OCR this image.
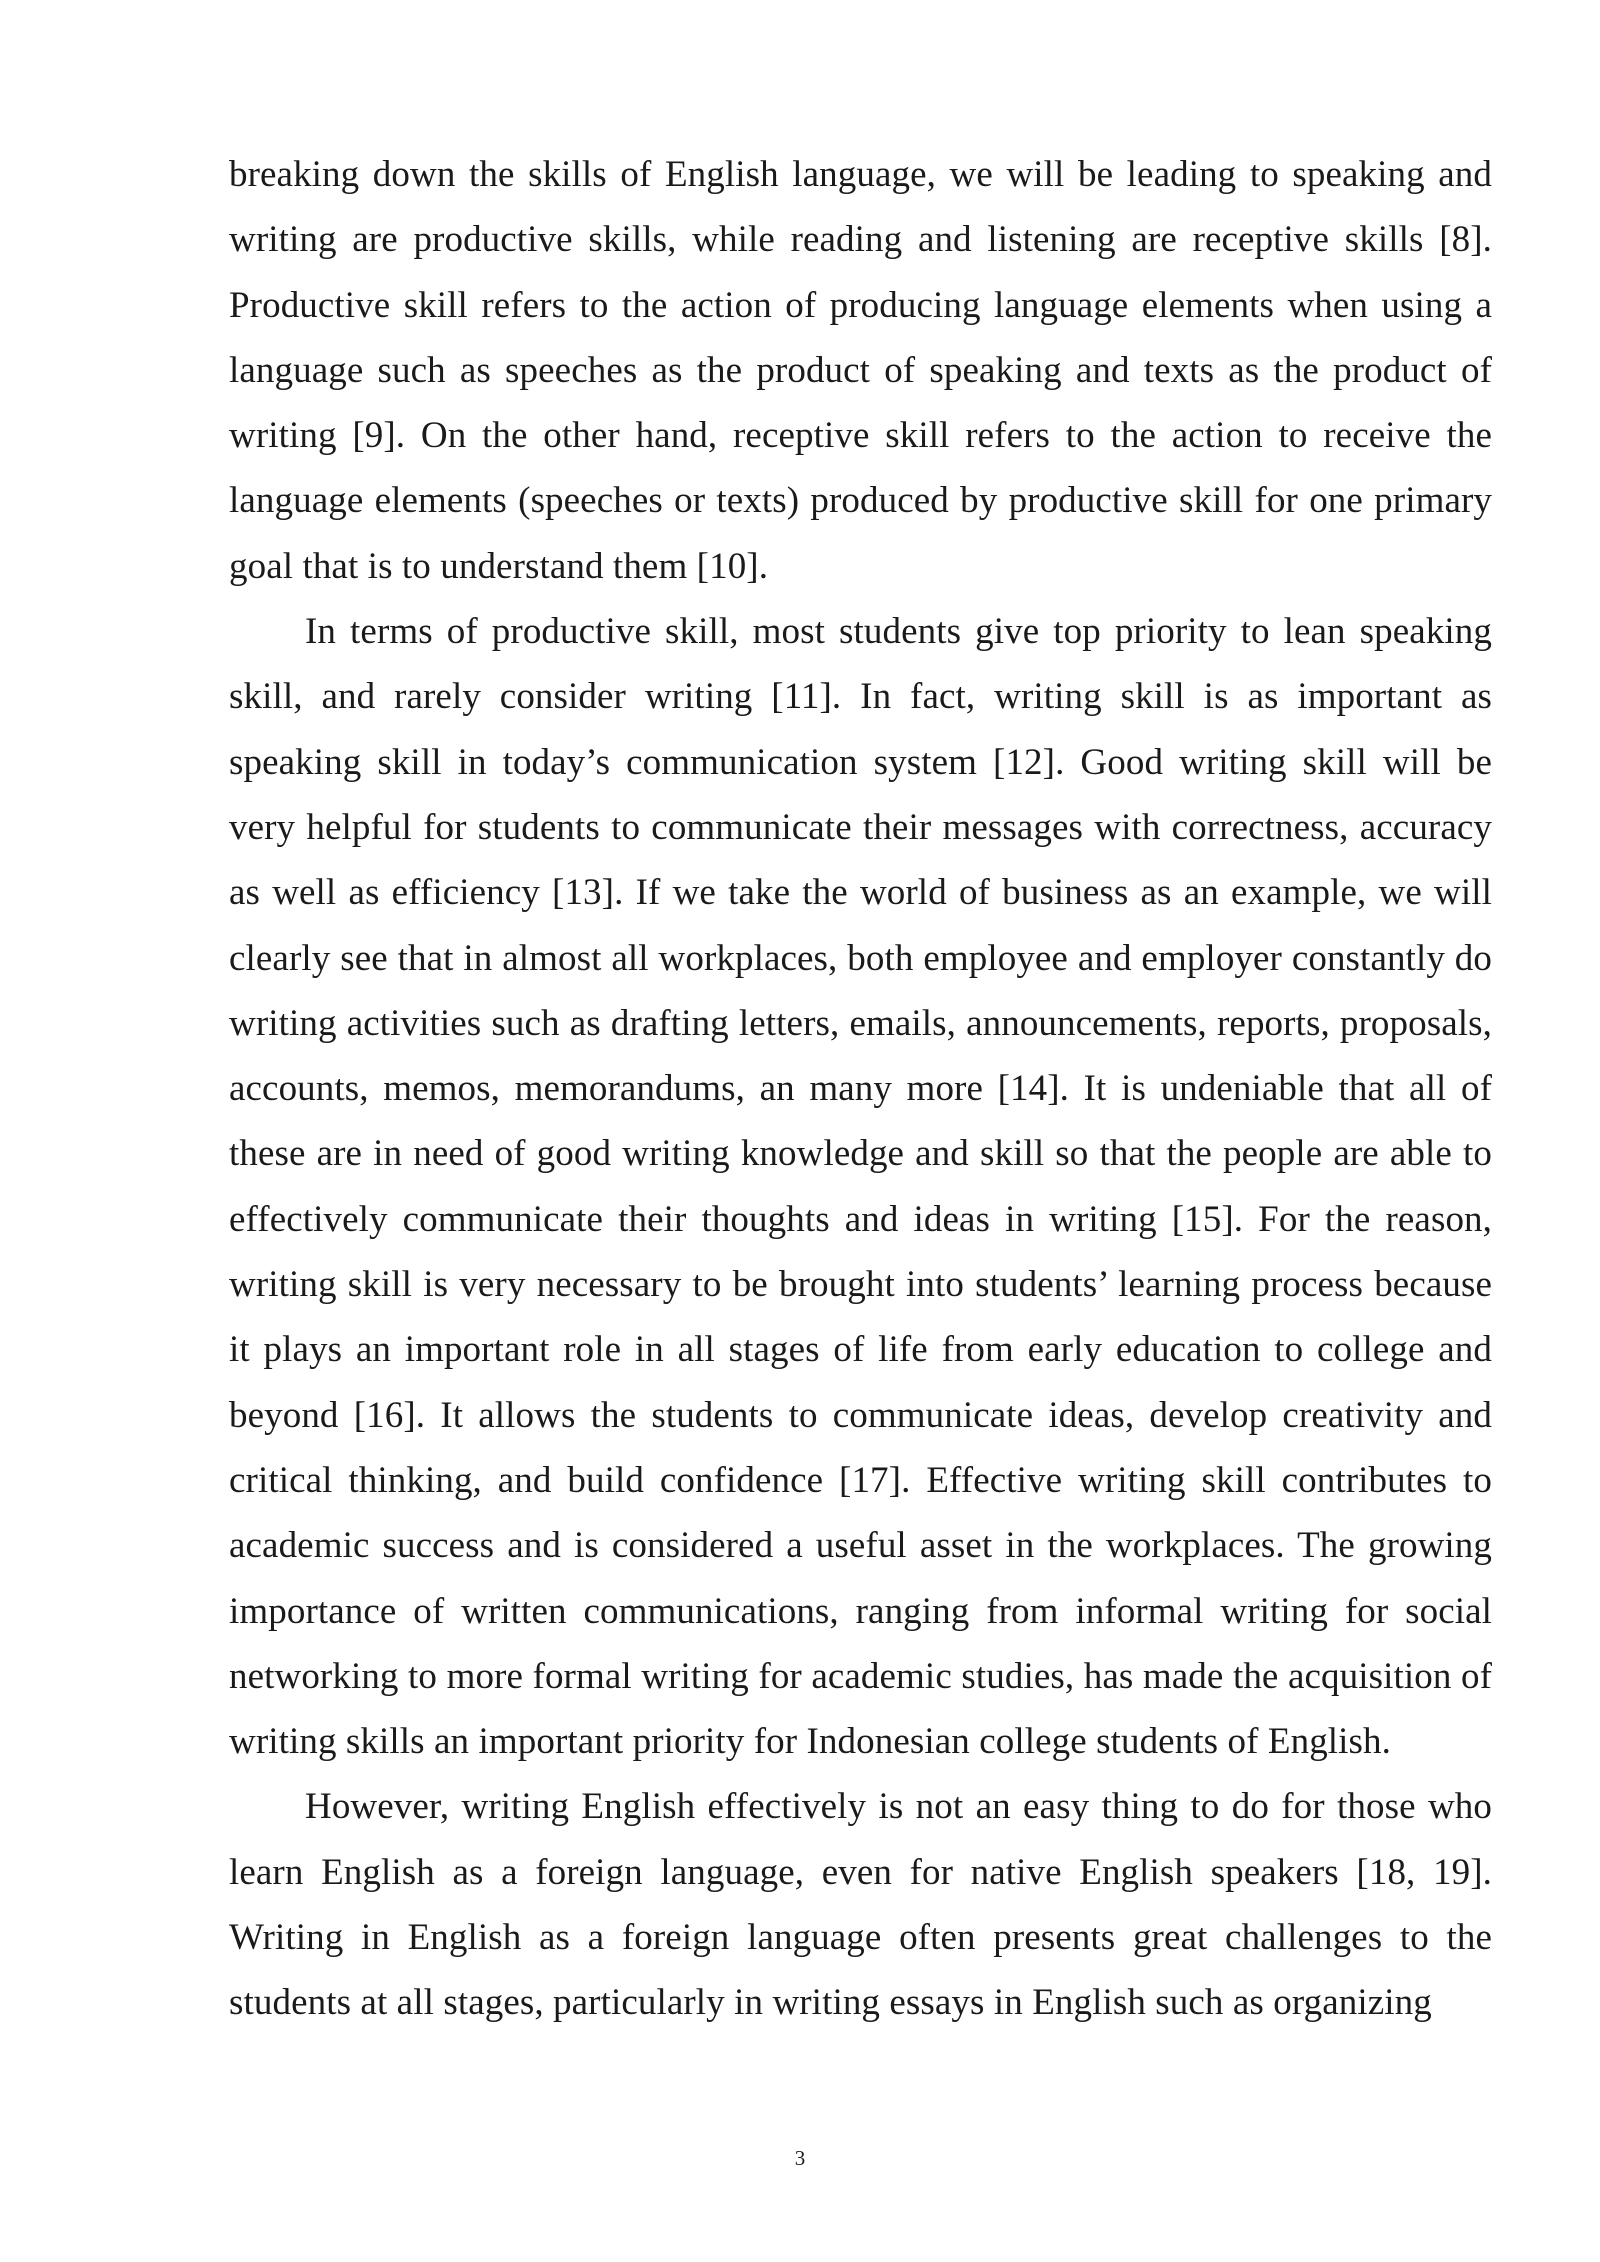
breaking down the skills of English language, we will be leading to speaking and writing are productive skills, while reading and listening are receptive skills [8]. Productive skill refers to the action of producing language elements when using a language such as speeches as the product of speaking and texts as the product of writing [9]. On the other hand, receptive skill refers to the action to receive the language elements (speeches or texts) produced by productive skill for one primary goal that is to understand them [10].

In terms of productive skill, most students give top priority to lean speaking skill, and rarely consider writing [11]. In fact, writing skill is as important as speaking skill in today’s communication system [12]. Good writing skill will be very helpful for students to communicate their messages with correctness, accuracy as well as efficiency [13]. If we take the world of business as an example, we will clearly see that in almost all workplaces, both employee and employer constantly do writing activities such as drafting letters, emails, announcements, reports, proposals, accounts, memos, memorandums, an many more [14]. It is undeniable that all of these are in need of good writing knowledge and skill so that the people are able to effectively communicate their thoughts and ideas in writing [15]. For the reason, writing skill is very necessary to be brought into students’ learning process because it plays an important role in all stages of life from early education to college and beyond [16]. It allows the students to communicate ideas, develop creativity and critical thinking, and build confidence [17]. Effective writing skill contributes to academic success and is considered a useful asset in the workplaces. The growing importance of written communications, ranging from informal writing for social networking to more formal writing for academic studies, has made the acquisition of writing skills an important priority for Indonesian college students of English.

However, writing English effectively is not an easy thing to do for those who learn English as a foreign language, even for native English speakers [18, 19]. Writing in English as a foreign language often presents great challenges to the students at all stages, particularly in writing essays in English such as organizing

3
